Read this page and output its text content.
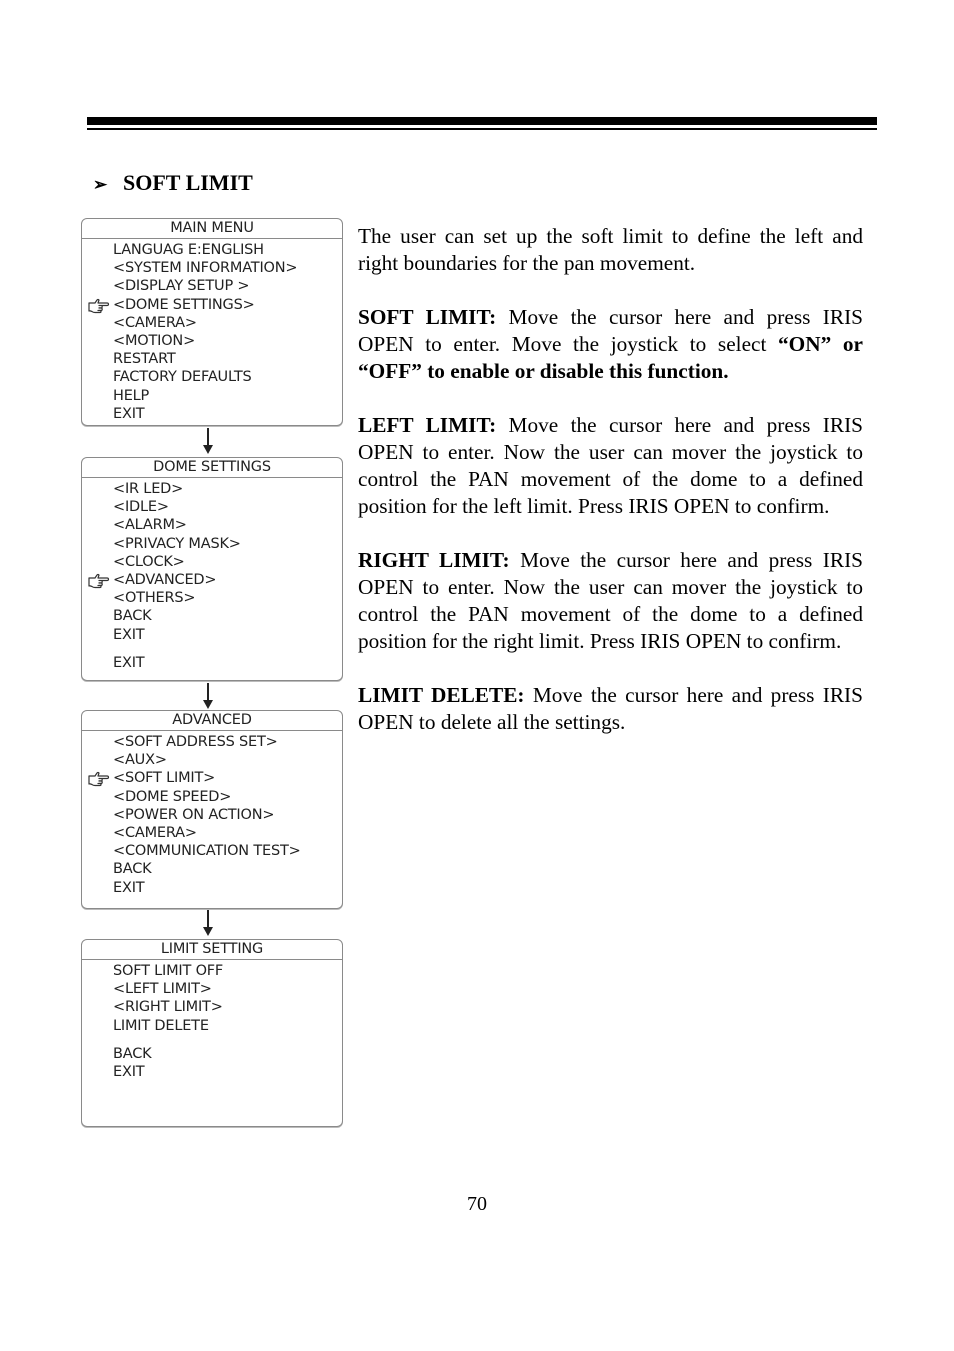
➢ SOFT LIMIT
MAIN MENU
LANGUAG E:ENGLISH
<SYSTEM INFORMATION>
<DISPLAY SETUP >
<DOME SETTINGS>
<CAMERA>
<MOTION>
RESTART
FACTORY DEFAULTS
HELP
EXIT
DOME SETTINGS
<IR LED>
<IDLE>
<ALARM>
<PRIVACY MASK>
<CLOCK>
<ADVANCED>
<OTHERS>
BACK
EXIT
EXIT
ADVANCED
<SOFT ADDRESS SET>
<AUX>
<SOFT LIMIT>
<DOME SPEED>
<POWER ON ACTION>
<CAMERA>
<COMMUNICATION TEST>
BACK
EXIT
LIMIT SETTING
SOFT LIMIT OFF
<LEFT LIMIT>
<RIGHT LIMIT>
LIMIT DELETE
BACK
EXIT

The user can set up the soft limit to define the left and right boundaries for the pan movement.

SOFT LIMIT: Move the cursor here and press IRIS OPEN to enter. Move the joystick to select “ON” or “OFF” to enable or disable this function.

LEFT LIMIT: Move the cursor here and press IRIS OPEN to enter. Now the user can mover the joystick to control the PAN movement of the dome to a defined position for the left limit. Press IRIS OPEN to confirm.

RIGHT LIMIT: Move the cursor here and press IRIS OPEN to enter. Now the user can mover the joystick to control the PAN movement of the dome to a defined position for the right limit. Press IRIS OPEN to confirm.

LIMIT DELETE: Move the cursor here and press IRIS OPEN to delete all the settings.

70
